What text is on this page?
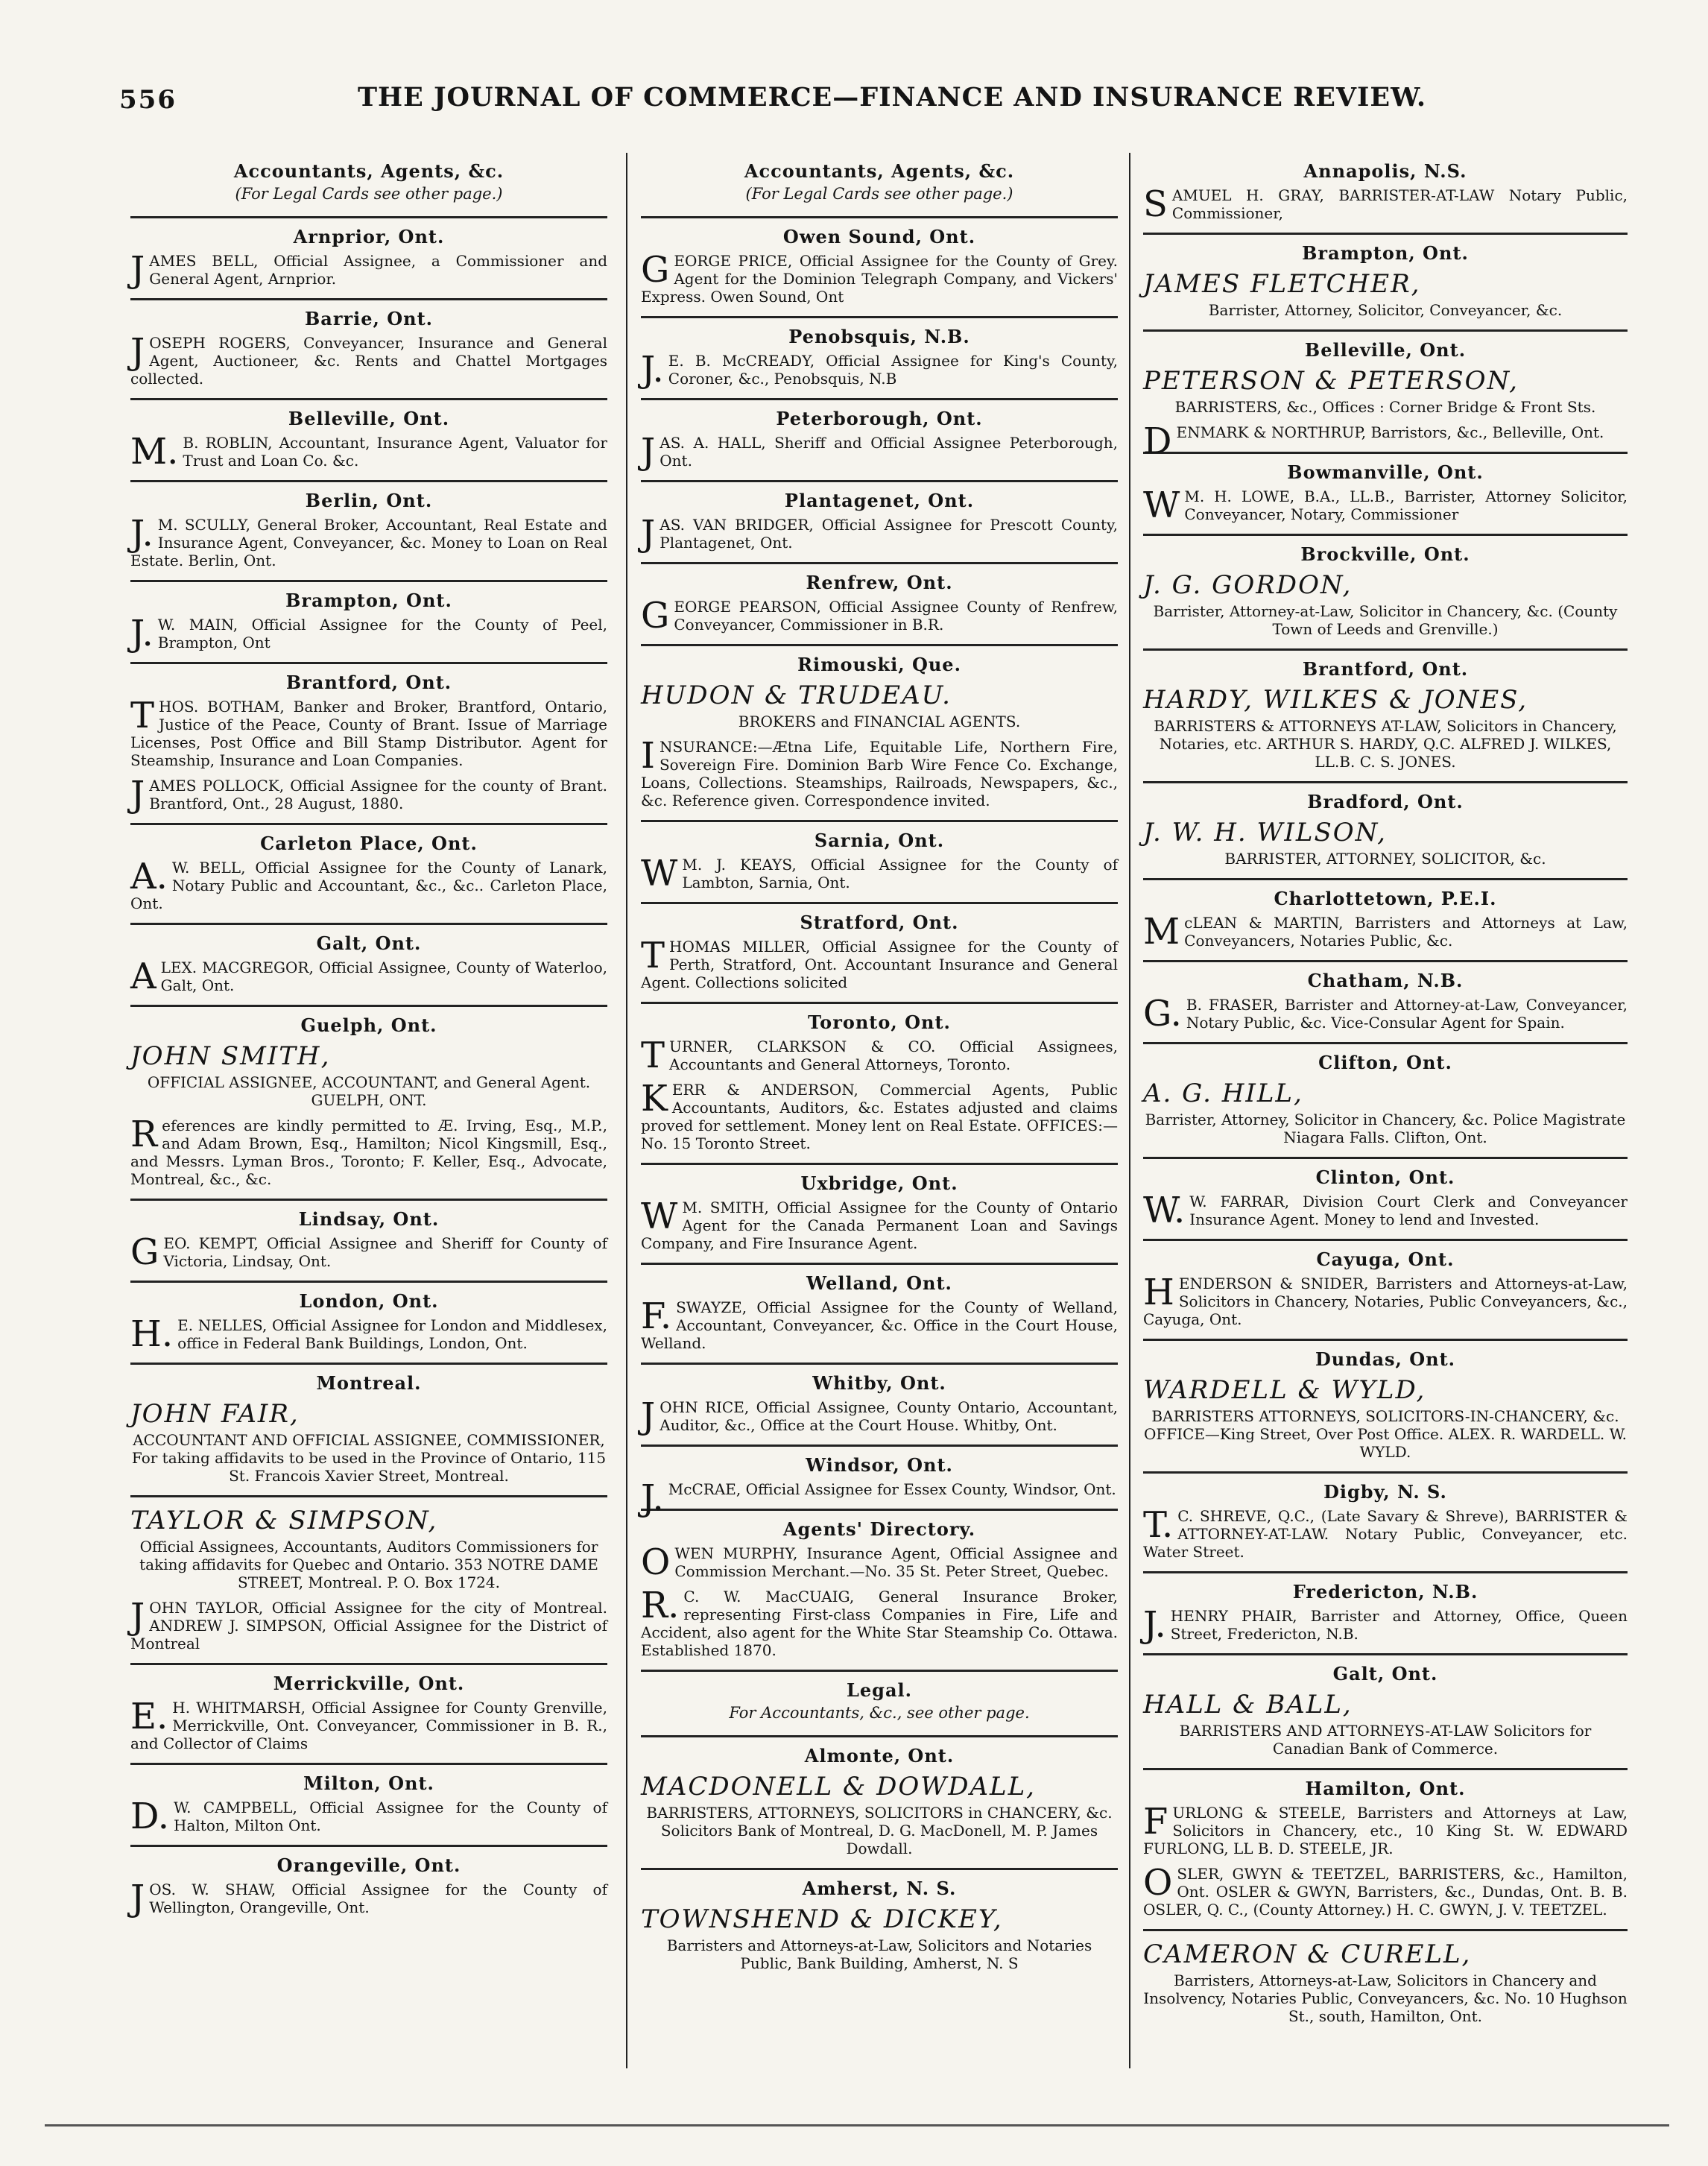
556	THE JOURNAL OF COMMERCE—FINANCE AND INSURANCE REVIEW.
Accountants, Agents, &c.
(For Legal Cards see other page.)
Arnprior, Ont.
JAMES BELL, Official Assignee, a Commissioner and General Agent, Arnprior.
Barrie, Ont.
JOSEPH ROGERS, Conveyancer, Insurance and General Agent, Auctioneer, &c. Rents and Chattel Mortgages collected.
Belleville, Ont.
M.B. ROBLIN, Accountant, Insurance Agent, Valuator for Trust and Loan Co. &c.
Berlin, Ont.
J.M. SCULLY, General Broker, Accountant, Real Estate and Insurance Agent, Conveyancer, &c. Money to Loan on Real Estate. Berlin, Ont.
Brampton, Ont.
J.W. MAIN, Official Assignee for the County of Peel, Brampton, Ont
Brantford, Ont.
THOS. BOTHAM, Banker and Broker, Brantford, Ontario, Justice of the Peace, County of Brant. Issue of Marriage Licenses, Post Office and Bill Stamp Distributor. Agent for Steamship, Insurance and Loan Companies.
JAMES POLLOCK, Official Assignee for the county of Brant. Brantford, Ont., 28 August, 1880.
Carleton Place, Ont.
A.W. BELL, Official Assignee for the County of Lanark, Notary Public and Accountant, &c., &c.. Carleton Place, Ont.
Galt, Ont.
ALEX. MACGREGOR, Official Assignee, County of Waterloo, Galt, Ont.
Guelph, Ont.
JOHN SMITH,
OFFICIAL ASSIGNEE, ACCOUNTANT, and General Agent. GUELPH, ONT.
References are kindly permitted to Æ. Irving, Esq., M.P., and Adam Brown, Esq., Hamilton; Nicol Kingsmill, Esq., and Messrs. Lyman Bros., Toronto; F. Keller, Esq., Advocate, Montreal, &c., &c.
Lindsay, Ont.
GEO. KEMPT, Official Assignee and Sheriff for County of Victoria, Lindsay, Ont.
London, Ont.
H.E. NELLES, Official Assignee for London and Middlesex, office in Federal Bank Buildings, London, Ont.
Montreal.
JOHN FAIR,
ACCOUNTANT AND OFFICIAL ASSIGNEE, COMMISSIONER, For taking affidavits to be used in the Province of Ontario, 115 St. Francois Xavier Street, Montreal.
TAYLOR & SIMPSON,
Official Assignees, Accountants, Auditors Commissioners for taking affidavits for Quebec and Ontario. 353 NOTRE DAME STREET, Montreal. P. O. Box 1724.
JOHN TAYLOR, Official Assignee for the city of Montreal. ANDREW J. SIMPSON, Official Assignee for the District of Montreal
Merrickville, Ont.
E.H. WHITMARSH, Official Assignee for County Grenville, Merrickville, Ont. Conveyancer, Commissioner in B. R., and Collector of Claims
Milton, Ont.
D.W. CAMPBELL, Official Assignee for the County of Halton, Milton Ont.
Orangeville, Ont.
JOS. W. SHAW, Official Assignee for the County of Wellington, Orangeville, Ont.
Accountants, Agents, &c.
(For Legal Cards see other page.)
Owen Sound, Ont.
GEORGE PRICE, Official Assignee for the County of Grey. Agent for the Dominion Telegraph Company, and Vickers' Express. Owen Sound, Ont
Penobsquis, N.B.
J.E. B. McCREADY, Official Assignee for King's County, Coroner, &c., Penobsquis, N.B
Peterborough, Ont.
JAS. A. HALL, Sheriff and Official Assignee Peterborough, Ont.
Plantagenet, Ont.
JAS. VAN BRIDGER, Official Assignee for Prescott County, Plantagenet, Ont.
Renfrew, Ont.
GEORGE PEARSON, Official Assignee County of Renfrew, Conveyancer, Commissioner in B.R.
Rimouski, Que.
HUDON & TRUDEAU.
BROKERS and FINANCIAL AGENTS.
INSURANCE:—Ætna Life, Equitable Life, Northern Fire, Sovereign Fire. Dominion Barb Wire Fence Co. Exchange, Loans, Collections. Steamships, Railroads, Newspapers, &c., &c. Reference given. Correspondence invited.
Sarnia, Ont.
WM. J. KEAYS, Official Assignee for the County of Lambton, Sarnia, Ont.
Stratford, Ont.
THOMAS MILLER, Official Assignee for the County of Perth, Stratford, Ont. Accountant Insurance and General Agent. Collections solicited
Toronto, Ont.
TURNER, CLARKSON & CO. Official Assignees, Accountants and General Attorneys, Toronto.
KERR & ANDERSON, Commercial Agents, Public Accountants, Auditors, &c. Estates adjusted and claims proved for settlement. Money lent on Real Estate. OFFICES:—No. 15 Toronto Street.
Uxbridge, Ont.
WM. SMITH, Official Assignee for the County of Ontario Agent for the Canada Permanent Loan and Savings Company, and Fire Insurance Agent.
Welland, Ont.
F.SWAYZE, Official Assignee for the County of Welland, Accountant, Conveyancer, &c. Office in the Court House, Welland.
Whitby, Ont.
JOHN RICE, Official Assignee, County Ontario, Accountant, Auditor, &c., Office at the Court House. Whitby, Ont.
Windsor, Ont.
J.McCRAE, Official Assignee for Essex County, Windsor, Ont.
Agents' Directory.
OWEN MURPHY, Insurance Agent, Official Assignee and Commission Merchant.—No. 35 St. Peter Street, Quebec.
R.C. W. MacCUAIG, General Insurance Broker, representing First-class Companies in Fire, Life and Accident, also agent for the White Star Steamship Co. Ottawa. Established 1870.
Legal.
For Accountants, &c., see other page.
Almonte, Ont.
MACDONELL & DOWDALL,
BARRISTERS, ATTORNEYS, SOLICITORS in CHANCERY, &c. Solicitors Bank of Montreal, D. G. MacDonell, M. P. James Dowdall.
Amherst, N. S.
TOWNSHEND & DICKEY,
Barristers and Attorneys-at-Law, Solicitors and Notaries Public, Bank Building, Amherst, N. S
Annapolis, N.S.
SAMUEL H. GRAY, BARRISTER-AT-LAW Notary Public, Commissioner,
Brampton, Ont.
JAMES FLETCHER,
Barrister, Attorney, Solicitor, Conveyancer, &c.
Belleville, Ont.
PETERSON & PETERSON,
BARRISTERS, &c., Offices : Corner Bridge & Front Sts.
DENMARK & NORTHRUP, Barristors, &c., Belleville, Ont.
Bowmanville, Ont.
WM. H. LOWE, B.A., LL.B., Barrister, Attorney Solicitor, Conveyancer, Notary, Commissioner
Brockville, Ont.
J. G. GORDON,
Barrister, Attorney-at-Law, Solicitor in Chancery, &c. (County Town of Leeds and Grenville.)
Brantford, Ont.
HARDY, WILKES & JONES,
BARRISTERS & ATTORNEYS AT-LAW, Solicitors in Chancery, Notaries, etc. ARTHUR S. HARDY, Q.C. ALFRED J. WILKES, LL.B. C. S. JONES.
Bradford, Ont.
J. W. H. WILSON,
BARRISTER, ATTORNEY, SOLICITOR, &c.
Charlottetown, P.E.I.
McLEAN & MARTIN, Barristers and Attorneys at Law, Conveyancers, Notaries Public, &c.
Chatham, N.B.
G.B. FRASER, Barrister and Attorney-at-Law, Conveyancer, Notary Public, &c. Vice-Consular Agent for Spain.
Clifton, Ont.
A. G. HILL,
Barrister, Attorney, Solicitor in Chancery, &c. Police Magistrate Niagara Falls. Clifton, Ont.
Clinton, Ont.
W.W. FARRAR, Division Court Clerk and Conveyancer Insurance Agent. Money to lend and Invested.
Cayuga, Ont.
HENDERSON & SNIDER, Barristers and Attorneys-at-Law, Solicitors in Chancery, Notaries, Public Conveyancers, &c., Cayuga, Ont.
Dundas, Ont.
WARDELL & WYLD,
BARRISTERS ATTORNEYS, SOLICITORS-IN-CHANCERY, &c. OFFICE—King Street, Over Post Office. ALEX. R. WARDELL. W. WYLD.
Digby, N. S.
T.C. SHREVE, Q.C., (Late Savary & Shreve), BARRISTER & ATTORNEY-AT-LAW. Notary Public, Conveyancer, etc. Water Street.
Fredericton, N.B.
J.HENRY PHAIR, Barrister and Attorney, Office, Queen Street, Fredericton, N.B.
Galt, Ont.
HALL & BALL,
BARRISTERS AND ATTORNEYS-AT-LAW Solicitors for Canadian Bank of Commerce.
Hamilton, Ont.
FURLONG & STEELE, Barristers and Attorneys at Law, Solicitors in Chancery, etc., 10 King St. W. EDWARD FURLONG, LL B. D. STEELE, JR.
OSLER, GWYN & TEETZEL, BARRISTERS, &c., Hamilton, Ont. OSLER & GWYN, Barristers, &c., Dundas, Ont. B. B. OSLER, Q. C., (County Attorney.) H. C. GWYN, J. V. TEETZEL.
CAMERON & CURELL,
Barristers, Attorneys-at-Law, Solicitors in Chancery and Insolvency, Notaries Public, Conveyancers, &c. No. 10 Hughson St., south, Hamilton, Ont.
